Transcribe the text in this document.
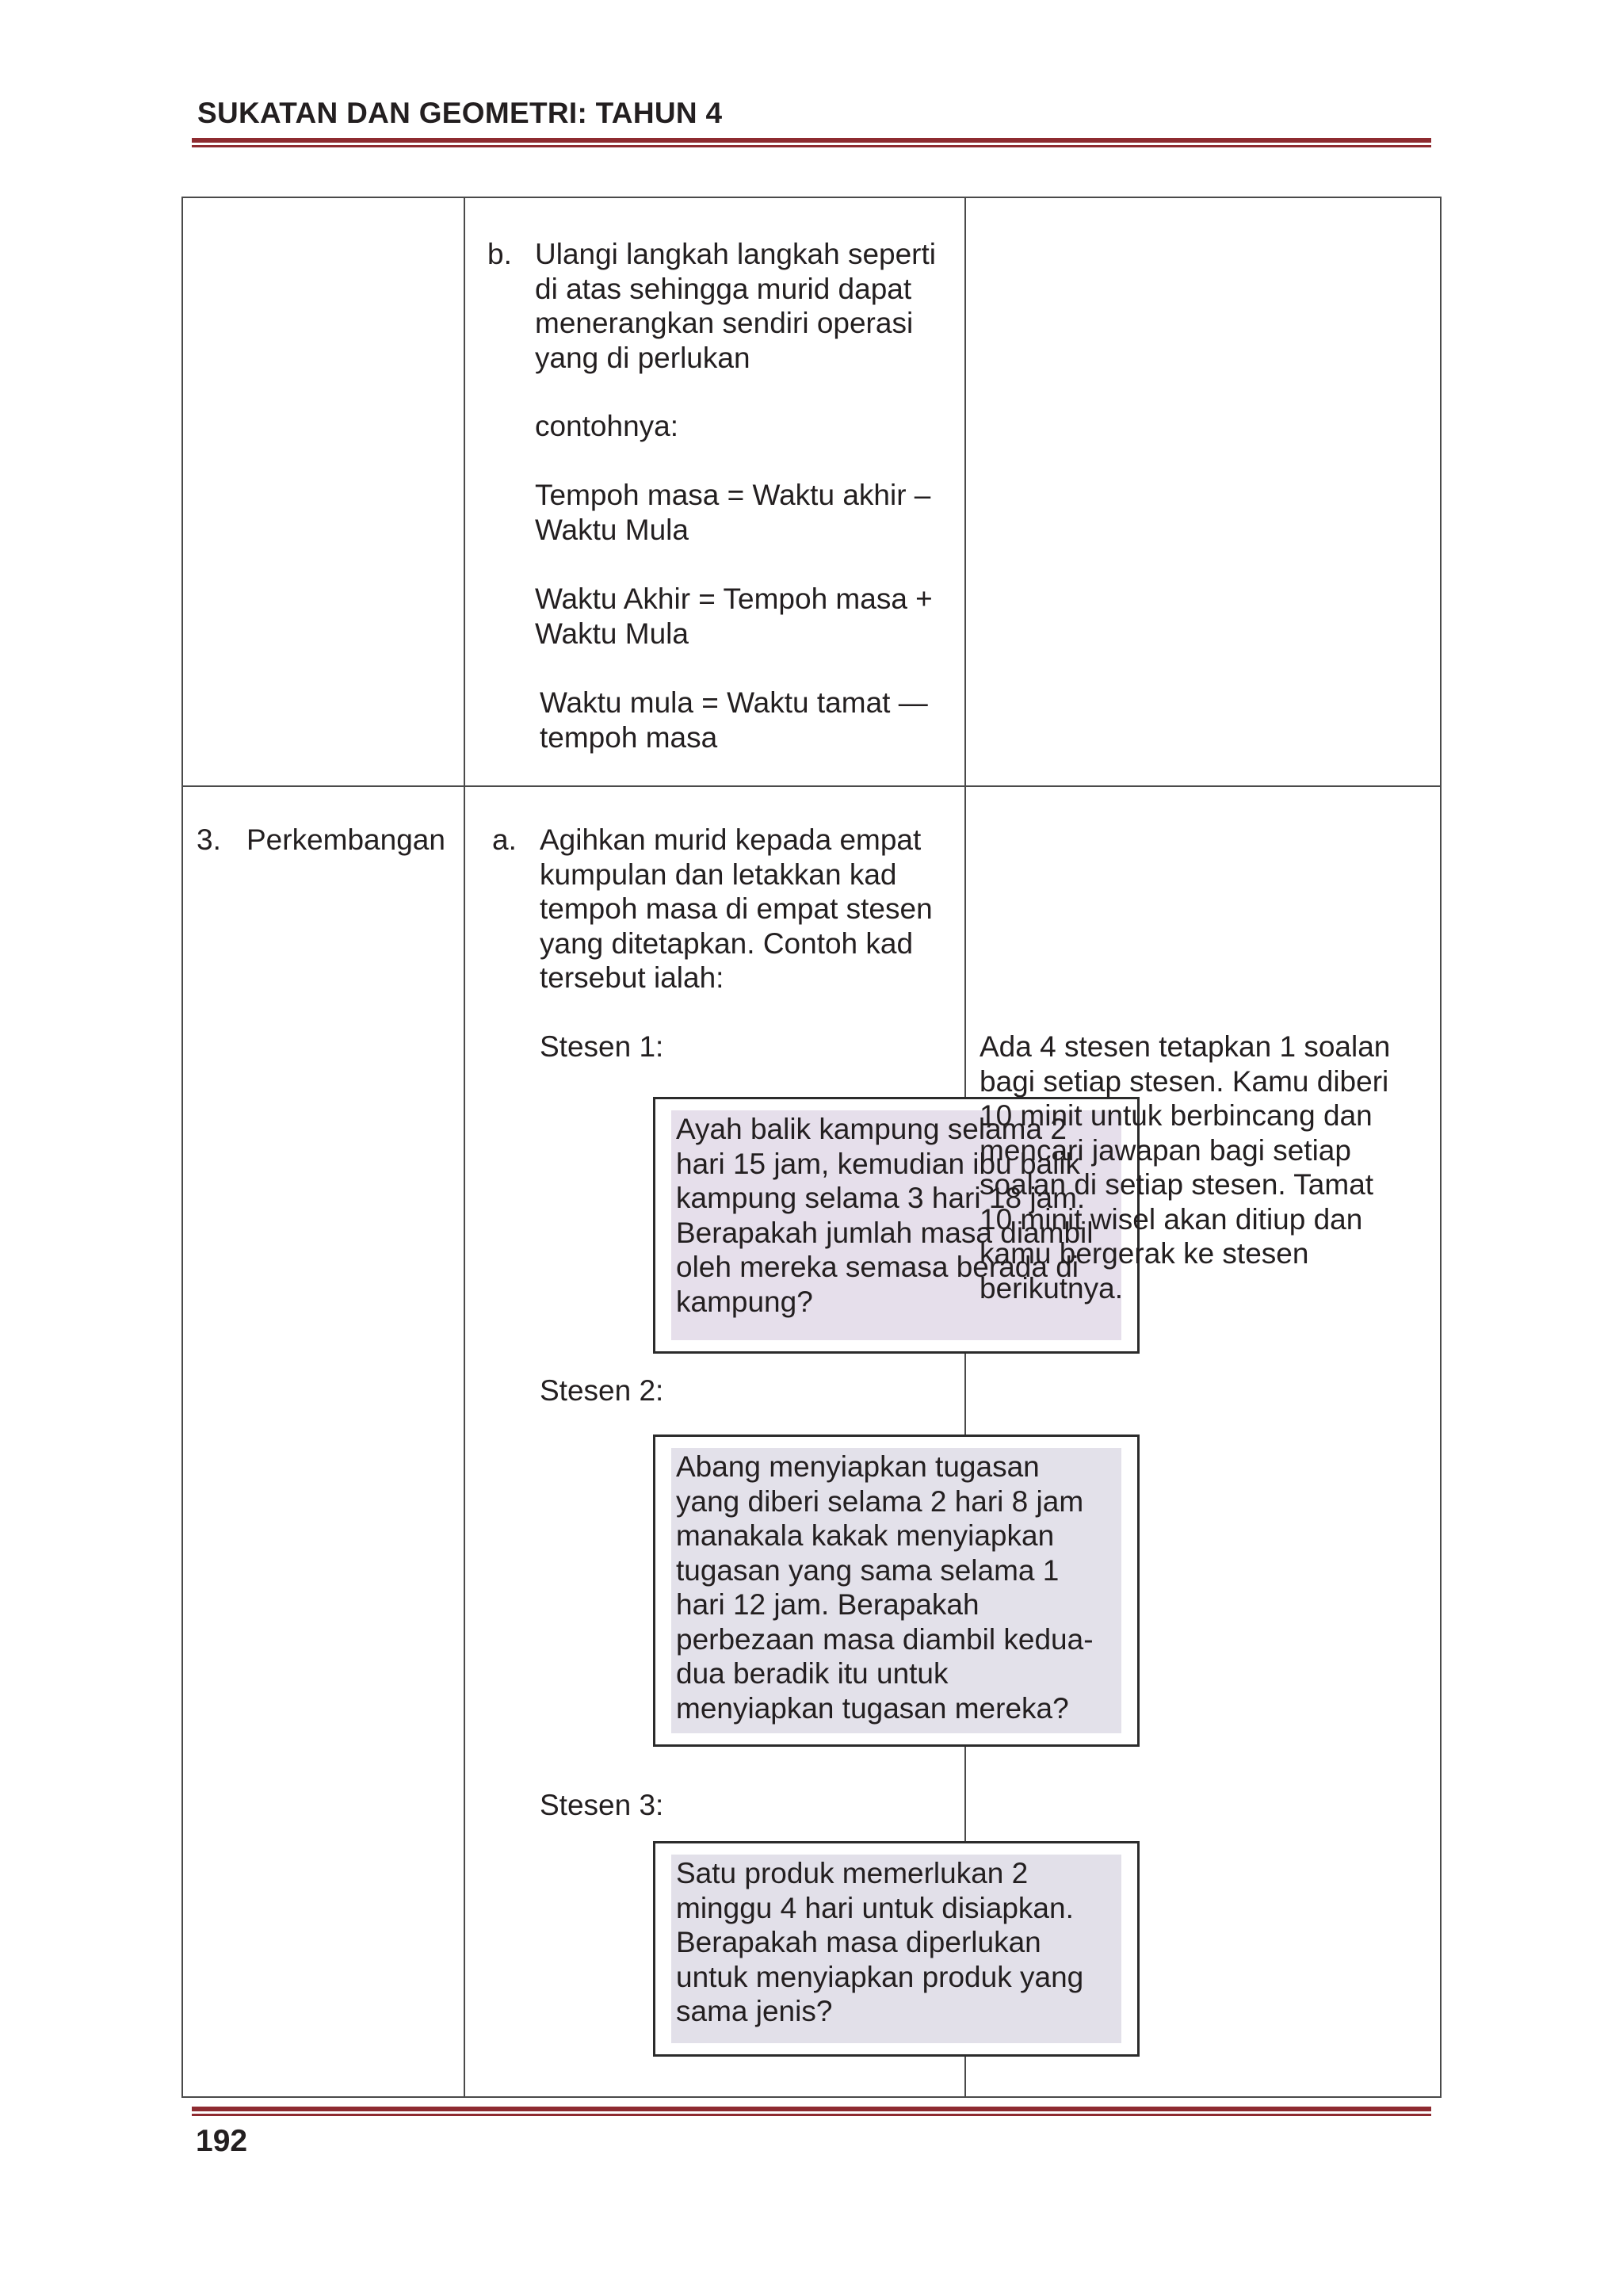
SUKATAN DAN GEOMETRI: TAHUN 4
b. Ulangi langkah langkah seperti
di atas sehingga murid dapat
menerangkan sendiri operasi
yang di perlukan

contohnya:

Tempoh masa = Waktu akhir –
Waktu Mula

Waktu Akhir = Tempoh masa +
Waktu Mula

Waktu mula = Waktu tamat —
tempoh masa

3. Perkembangan a. Agihkan murid kepada empat
kumpulan dan letakkan kad
tempoh masa di empat stesen
yang ditetapkan. Contoh kad
tersebut ialah:

Stesen 1:

Ayah balik kampung selama 2
hari 15 jam, kemudian ibu balik
kampung selama 3 hari 18 jam.
Berapakah jumlah masa diambil
oleh mereka semasa berada di
kampung?

Stesen 2:

Abang menyiapkan tugasan
yang diberi selama 2 hari 8 jam
manakala kakak menyiapkan
tugasan yang sama selama 1
hari 12 jam. Berapakah
perbezaan masa diambil kedua-
dua beradik itu untuk
menyiapkan tugasan mereka?

Stesen 3:

Satu produk memerlukan 2
minggu 4 hari untuk disiapkan.
Berapakah masa diperlukan
untuk menyiapkan produk yang
sama jenis?

Ada 4 stesen tetapkan 1 soalan
bagi setiap stesen. Kamu diberi
10 minit untuk berbincang dan
mencari jawapan bagi setiap
soalan di setiap stesen. Tamat
10 minit wisel akan ditiup dan
kamu bergerak ke stesen
berikutnya.

192
